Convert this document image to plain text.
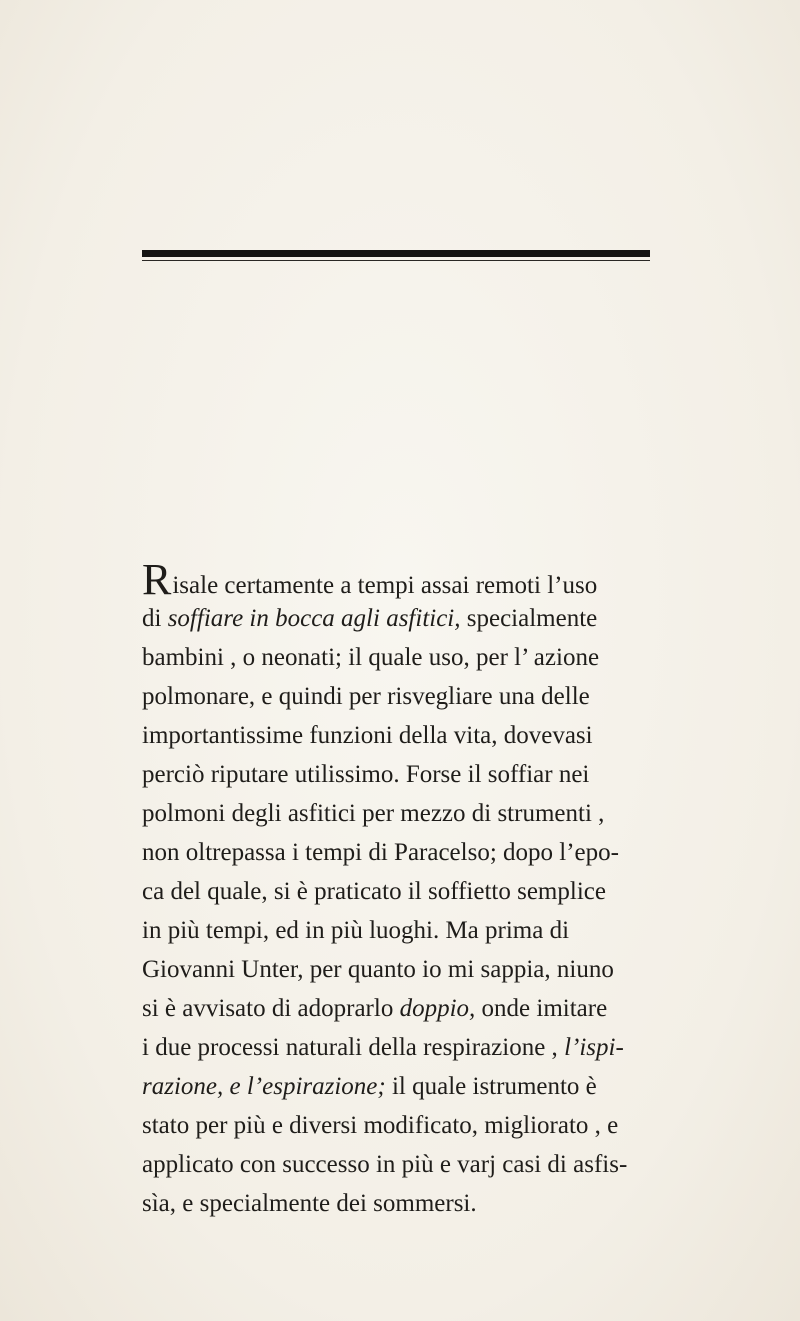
Risale certamente a tempi assai remoti l’uso
di soffiare in bocca agli asfitici, specialmente
bambini , o neonati; il quale uso, per l’ azione
polmonare, e quindi per risvegliare una delle
importantissime funzioni della vita, dovevasi
perciò riputare utilissimo. Forse il soffiar nei
polmoni degli asfitici per mezzo di strumenti ,
non oltrepassa i tempi di Paracelso; dopo l’epo-
ca del quale, si è praticato il soffietto semplice
in più tempi, ed in più luoghi. Ma prima di
Giovanni Unter, per quanto io mi sappia, niuno
si è avvisato di adoprarlo doppio, onde imitare
i due processi naturali della respirazione , l’ispi-
razione, e l’espirazione; il quale istrumento è
stato per più e diversi modificato, migliorato , e
applicato con successo in più e varj casi di asfis-
sìa, e specialmente dei sommersi.
